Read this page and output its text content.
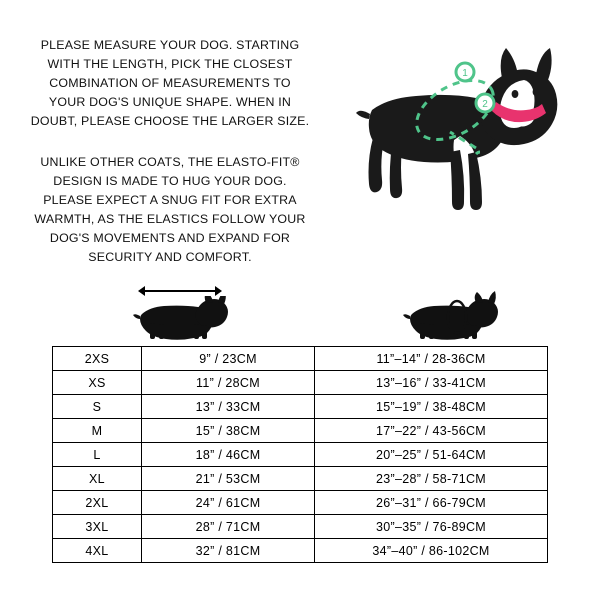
PLEASE MEASURE YOUR DOG. STARTING WITH THE LENGTH, PICK THE CLOSEST COMBINATION OF MEASUREMENTS TO YOUR DOG'S UNIQUE SHAPE. WHEN IN DOUBT, PLEASE CHOOSE THE LARGER SIZE.
UNLIKE OTHER COATS, THE ELASTO-FIT® DESIGN IS MADE TO HUG YOUR DOG. PLEASE EXPECT A SNUG FIT FOR EXTRA WARMTH, AS THE ELASTICS FOLLOW YOUR DOG'S MOVEMENTS AND EXPAND FOR SECURITY AND COMFORT.
1
2
2XS	9” / 23CM	11”–14” / 28-36CM
XS	11” / 28CM	13”–16” / 33-41CM
S	13” / 33CM	15”–19” / 38-48CM
M	15” / 38CM	17”–22” / 43-56CM
L	18” / 46CM	20”–25” / 51-64CM
XL	21” / 53CM	23”–28” / 58-71CM
2XL	24” / 61CM	26”–31” / 66-79CM
3XL	28” / 71CM	30”–35” / 76-89CM
4XL	32” / 81CM	34”–40” / 86-102CM
